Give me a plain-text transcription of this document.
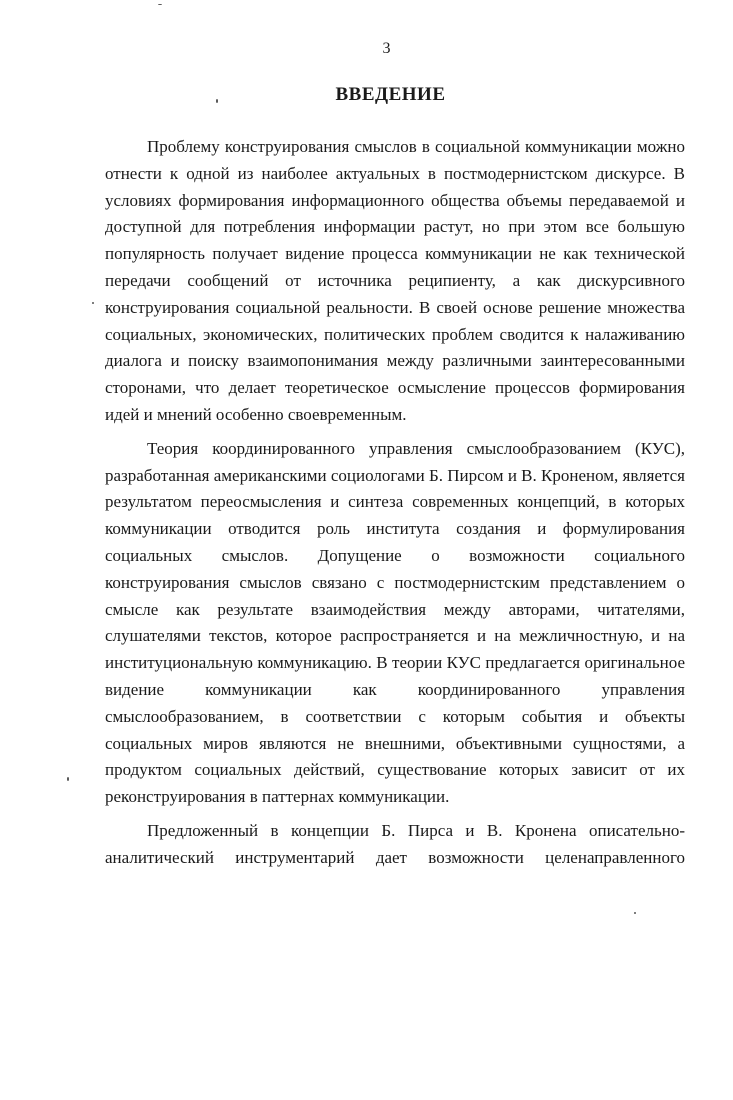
3
ВВЕДЕНИЕ

Проблему конструирования смыслов в социальной коммуникации можно отнести к одной из наиболее актуальных в постмодернистском дискурсе. В условиях формирования информационного общества объемы передаваемой и доступной для потребления информации растут, но при этом все большую популярность получает видение процесса коммуникации не как технической передачи сообщений от источника реципиенту, а как дискурсивного конструирования социальной реальности. В своей основе решение множества социальных, экономических, политических проблем сводится к налаживанию диалога и поиску взаимопонимания между различными заинтересованными сторонами, что делает теоретическое осмысление процессов формирования идей и мнений особенно своевременным.

Теория координированного управления смыслообразованием (КУС), разработанная американскими социологами Б. Пирсом и В. Кроненом, является результатом переосмысления и синтеза современных концепций, в которых коммуникации отводится роль института создания и формулирования социальных смыслов. Допущение о возможности социального конструирования смыслов связано с постмодернистским представлением о смысле как результате взаимодействия между авторами, читателями, слушателями текстов, которое распространяется и на межличностную, и на институциональную коммуникацию. В теории КУС предлагается оригинальное видение коммуникации как координированного управления смыслообразованием, в соответствии с которым события и объекты социальных миров являются не внешними, объективными сущностями, а продуктом социальных действий, существование которых зависит от их реконструирования в паттернах коммуникации.

Предложенный в концепции Б. Пирса и В. Кронена описательно-аналитический инструментарий дает возможности целенаправленного
